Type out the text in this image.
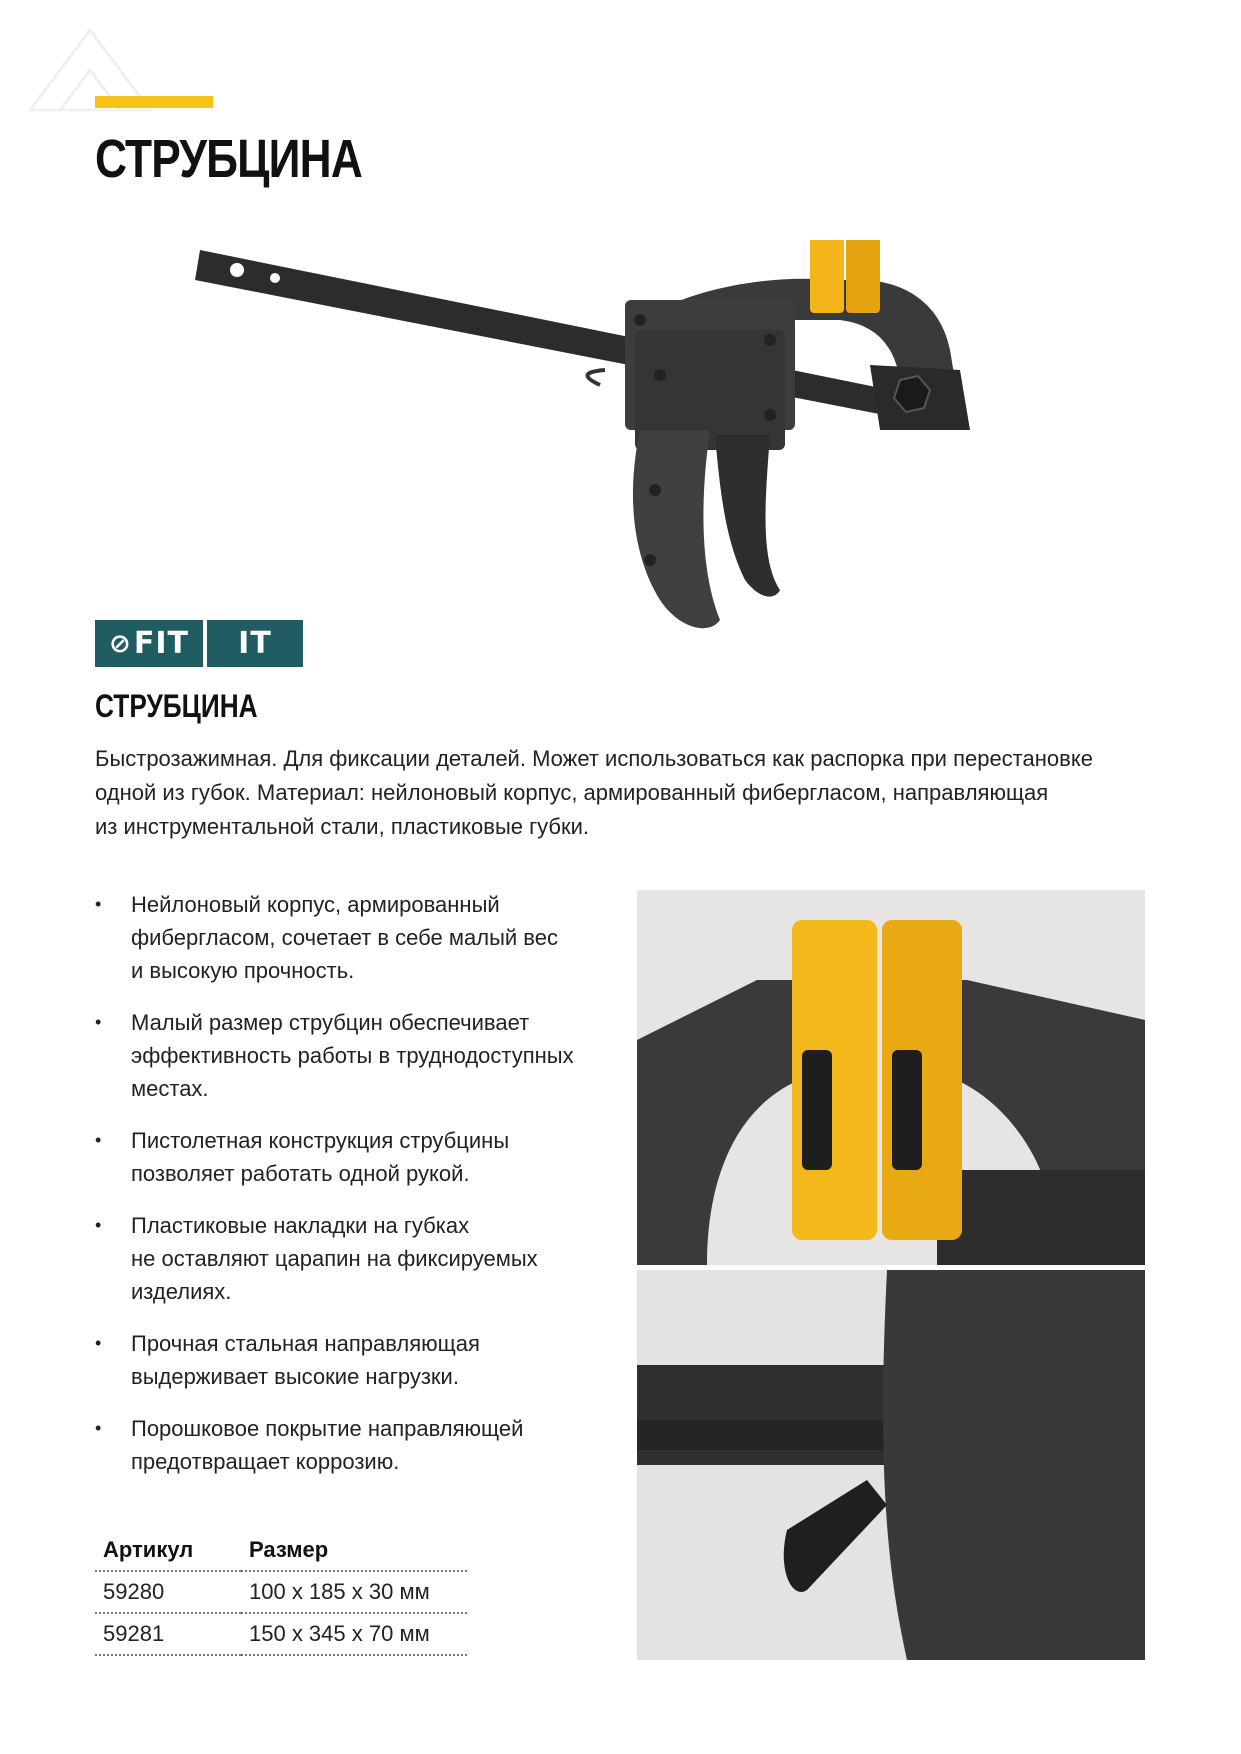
СТРУБЦИНА
⊘ FIT IT
СТРУБЦИНА

Быстрозажимная. Для фиксации деталей. Может использоваться как распорка при перестановке
одной из губок. Материал: нейлоновый корпус, армированный фибергласом, направляющая
из инструментальной стали, пластиковые губки.

• Нейлоновый корпус, армированный
фибергласом, сочетает в себе малый вес
и высокую прочность.
• Малый размер струбцин обеспечивает
эффективность работы в труднодоступных
местах.
• Пистолетная конструкция струбцины
позволяет работать одной рукой.
• Пластиковые накладки на губках
не оставляют царапин на фиксируемых
изделиях.
• Прочная стальная направляющая
выдерживает высокие нагрузки.
• Порошковое покрытие направляющей
предотвращает коррозию.
Артикул	Размер
59280	100 х 185 х 30 мм
59281	150 х 345 х 70 мм
